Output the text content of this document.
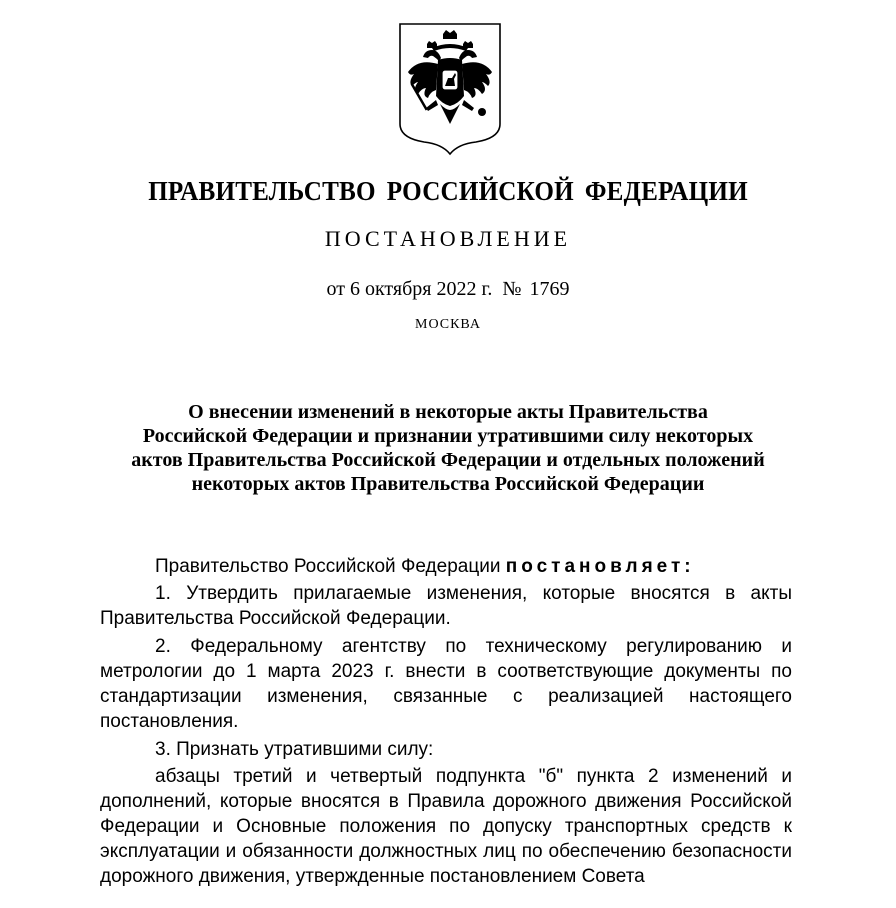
ПРАВИТЕЛЬСТВО РОССИЙСКОЙ ФЕДЕРАЦИИ
ПОСТАНОВЛЕНИЕ
от 6 октября 2022 г. № 1769
МОСКВА
О внесении изменений в некоторые акты Правительства
Российской Федерации и признании утратившими силу некоторых
актов Правительства Российской Федерации и отдельных положений
некоторых актов Правительства Российской Федерации

Правительство Российской Федерации постановляет:

1. Утвердить прилагаемые изменения, которые вносятся в акты Правительства Российской Федерации.

2. Федеральному агентству по техническому регулированию и метрологии до 1 марта 2023 г. внести в соответствующие документы по стандартизации изменения, связанные с реализацией настоящего постановления.

3. Признать утратившими силу:

абзацы третий и четвертый подпункта "б" пункта 2 изменений и дополнений, которые вносятся в Правила дорожного движения Российской Федерации и Основные положения по допуску транспортных средств к эксплуатации и обязанности должностных лиц по обеспечению безопасности дорожного движения, утвержденные постановлением Совета
